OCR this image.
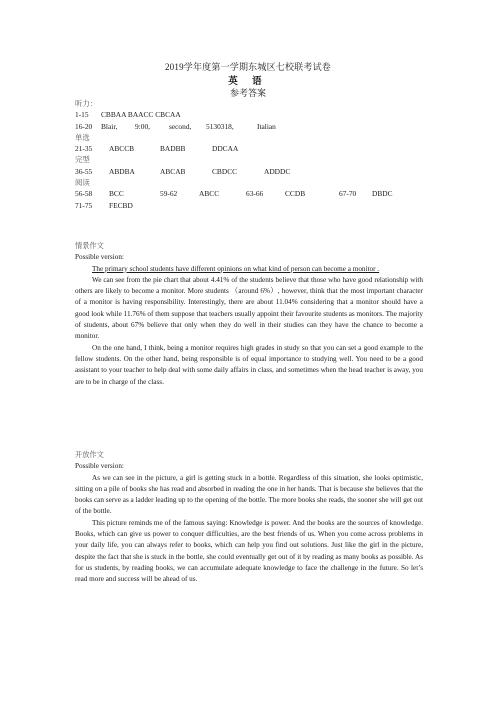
2019学年度第一学期东城区七校联考试卷
英 语
参考答案
听力：
1-15 CBBAA BAACC CBCAA
16-20 Blair, 9:00,	second, 5130318,	Italian
单选
21-35 ABCCB	BADBB	DDCAA
完型
36-55 ABDBA	ABCAB	CBDCC	ADDDC
阅读
56-58 BCC	59-62	ABCC	63-66	CCDB	67-70 DBDC
71-75 FECBD

情景作文

Possible version:

The primary school students have different opinions on what kind of person can become a monitor .

We can see from the pie chart that about 4.41% of the students believe that those who have good relationship with others are likely to become a monitor. More students （around 6%）, however, think that the most important character of a monitor is having responsibility. Interestingly, there are about 11.04% considering that a monitor should have a good look while 11.76% of them suppose that teachers usually appoint their favourite students as monitors. The majority of students, about 67% believe that only when they do well in their studies can they have the chance to become a monitor.

On the one hand, I think, being a monitor requires high grades in study so that you can set a good example to the fellow students. On the other hand, being responsible is of equal importance to studying well. You need to be a good assistant to your teacher to help deal with some daily affairs in class, and sometimes when the head teacher is away, you are to be in charge of the class.

开放作文

Possible version:

As we can see in the picture, a girl is getting stuck in a bottle. Regardless of this situation, she looks optimistic, sitting on a pile of books she has read and absorbed in reading the one in her hands. That is because she believes that the books can serve as a ladder leading up to the opening of the bottle. The more books she reads, the sooner she will get out of the bottle.

This picture reminds me of the famous saying: Knowledge is power. And the books are the sources of knowledge. Books, which can give us power to conquer difficulties, are the best friends of us. When you come across problems in your daily life, you can always refer to books, which can help you find out solutions. Just like the girl in the picture, despite the fact that she is stuck in the bottle, she could eventually get out of it by reading as many books as possible. As for us students, by reading books, we can accumulate adequate knowledge to face the challenge in the future. So let’s read more and success will be ahead of us.
